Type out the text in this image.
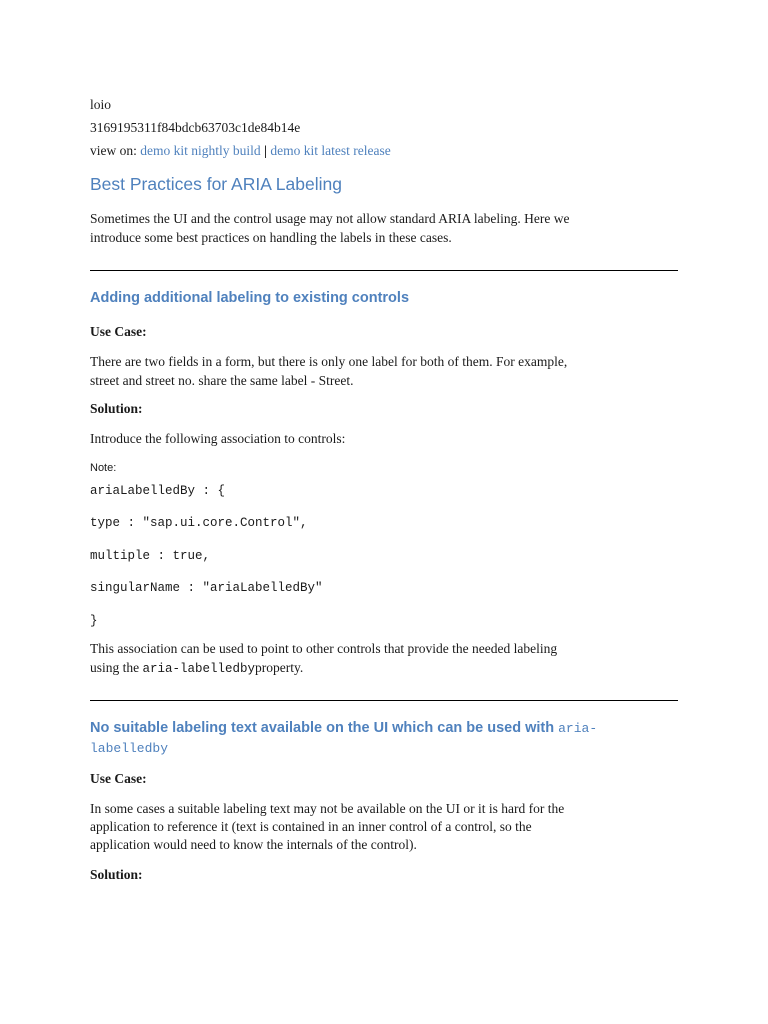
loio
3169195311f84bdcb63703c1de84b14e
view on: demo kit nightly build | demo kit latest release
Best Practices for ARIA Labeling
Sometimes the UI and the control usage may not allow standard ARIA labeling. Here we
introduce some best practices on handling the labels in these cases.
Adding additional labeling to existing controls
Use Case:
There are two fields in a form, but there is only one label for both of them. For example,
street and street no. share the same label - Street.
Solution:
Introduce the following association to controls:
Note:
ariaLabelledBy : {
type : "sap.ui.core.Control",
multiple : true,
singularName : "ariaLabelledBy"
}
This association can be used to point to other controls that provide the needed labeling
using the aria-labelledbyproperty.
No suitable labeling text available on the UI which can be used with aria-
labelledby
Use Case:
In some cases a suitable labeling text may not be available on the UI or it is hard for the
application to reference it (text is contained in an inner control of a control, so the
application would need to know the internals of the control).
Solution:
